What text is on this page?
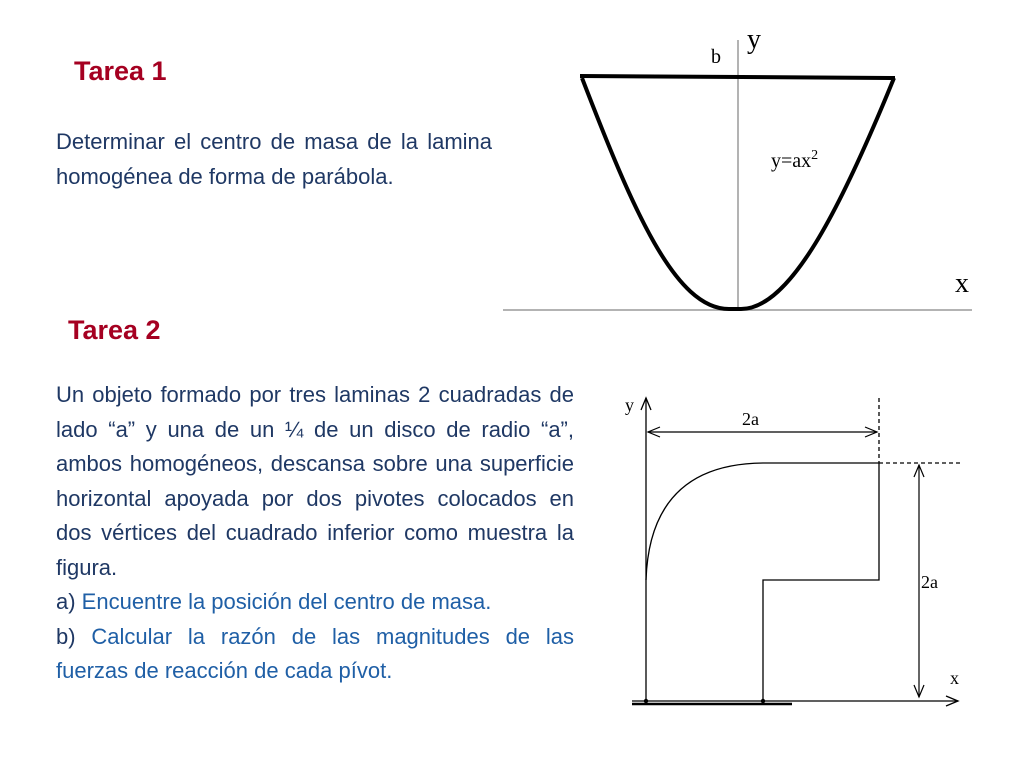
Tarea 1

Determinar el centro de masa de la lamina homogénea de forma de parábola.

Tarea 2
Un objeto formado por tres laminas 2 cuadradas de lado “a” y una de un ¼ de un disco de radio “a”, ambos homogéneos, descansa sobre una superficie horizontal apoyada por dos pivotes colocados en dos vértices del cuadrado inferior como muestra la figura.
a) Encuentre la posición del centro de masa.
b) Calcular la razón de las magnitudes de las fuerzas de reacción de cada pívot.
y
x
b
$y=ax^2$
y
x
2a
2a
